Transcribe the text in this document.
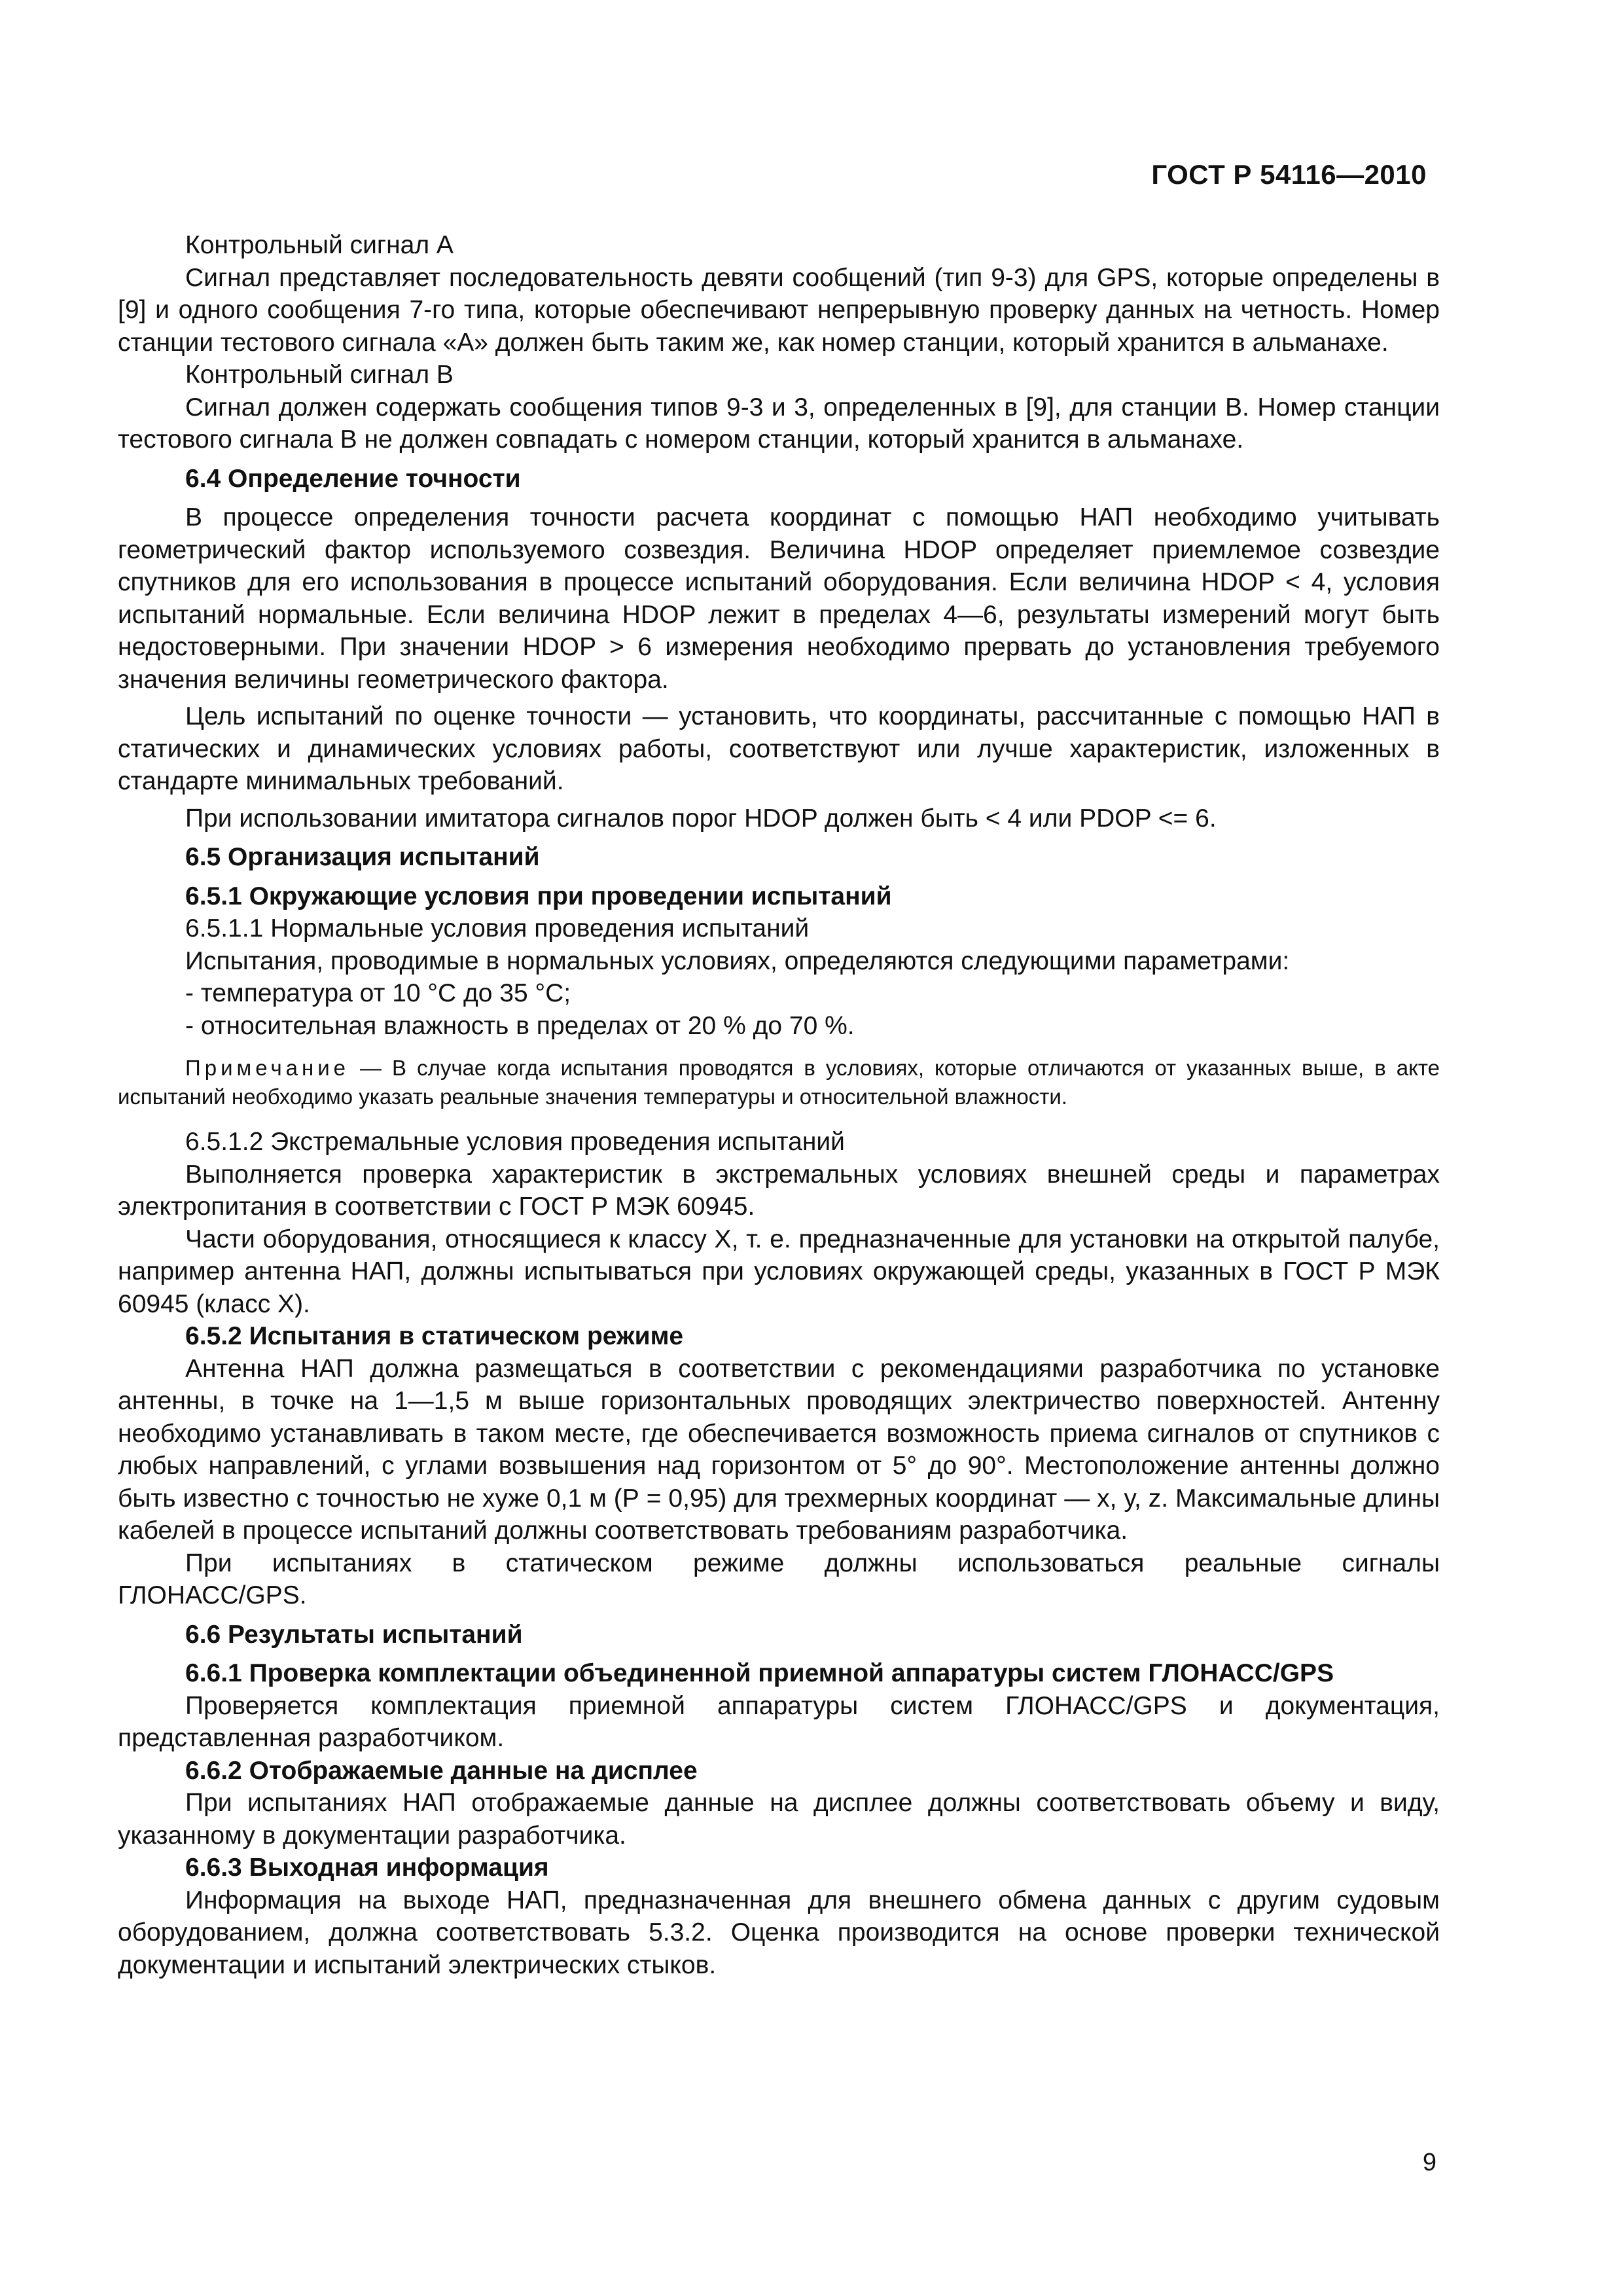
ГОСТ Р 54116—2010

Контрольный сигнал А

Сигнал представляет последовательность девяти сообщений (тип 9-3) для GPS, которые определены в [9] и одного сообщения 7-го типа, которые обеспечивают непрерывную проверку данных на четность. Номер станции тестового сигнала «А» должен быть таким же, как номер станции, который хранится в альманахе.

Контрольный сигнал В

Сигнал должен содержать сообщения типов 9-3 и 3, определенных в [9], для станции В. Номер станции тестового сигнала В не должен совпадать с номером станции, который хранится в альманахе.

6.4 Определение точности

В процессе определения точности расчета координат с помощью НАП необходимо учитывать геометрический фактор используемого созвездия. Величина HDOP определяет приемлемое созвездие спутников для его использования в процессе испытаний оборудования. Если величина HDOP < 4, условия испытаний нормальные. Если величина HDOP лежит в пределах 4—6, результаты измерений могут быть недостоверными. При значении HDOP > 6 измерения необходимо прервать до установления требуемого значения величины геометрического фактора.

Цель испытаний по оценке точности — установить, что координаты, рассчитанные с помощью НАП в статических и динамических условиях работы, соответствуют или лучше характеристик, изложенных в стандарте минимальных требований.

При использовании имитатора сигналов порог HDOP должен быть < 4 или PDOP <= 6.

6.5 Организация испытаний

6.5.1 Окружающие условия при проведении испытаний

6.5.1.1 Нормальные условия проведения испытаний

Испытания, проводимые в нормальных условиях, определяются следующими параметрами:

- температура от 10 °С до 35 °С;

- относительная влажность в пределах от 20 % до 70 %.

Примечание — В случае когда испытания проводятся в условиях, которые отличаются от указанных выше, в акте испытаний необходимо указать реальные значения температуры и относительной влажности.

6.5.1.2 Экстремальные условия проведения испытаний

Выполняется проверка характеристик в экстремальных условиях внешней среды и параметрах электропитания в соответствии с ГОСТ Р МЭК 60945.

Части оборудования, относящиеся к классу X, т. е. предназначенные для установки на открытой палубе, например антенна НАП, должны испытываться при условиях окружающей среды, указанных в ГОСТ Р МЭК 60945 (класс X).

6.5.2 Испытания в статическом режиме

Антенна НАП должна размещаться в соответствии с рекомендациями разработчика по установке антенны, в точке на 1—1,5 м выше горизонтальных проводящих электричество поверхностей. Антенну необходимо устанавливать в таком месте, где обеспечивается возможность приема сигналов от спутников с любых направлений, с углами возвышения над горизонтом от 5° до 90°. Местоположение антенны должно быть известно с точностью не хуже 0,1 м (Р = 0,95) для трехмерных координат — х, у, z. Максимальные длины кабелей в процессе испытаний должны соответствовать требованиям разработчика.

При испытаниях в статическом режиме должны использоваться реальные сигналы

ГЛОНАСС/GPS.

6.6 Результаты испытаний

6.6.1 Проверка комплектации объединенной приемной аппаратуры систем ГЛОНАСС/GPS

Проверяется комплектация приемной аппаратуры систем ГЛОНАСС/GPS и документация, представленная разработчиком.

6.6.2 Отображаемые данные на дисплее

При испытаниях НАП отображаемые данные на дисплее должны соответствовать объему и виду, указанному в документации разработчика.

6.6.3 Выходная информация

Информация на выходе НАП, предназначенная для внешнего обмена данных с другим судовым оборудованием, должна соответствовать 5.3.2. Оценка производится на основе проверки технической документации и испытаний электрических стыков.

9
